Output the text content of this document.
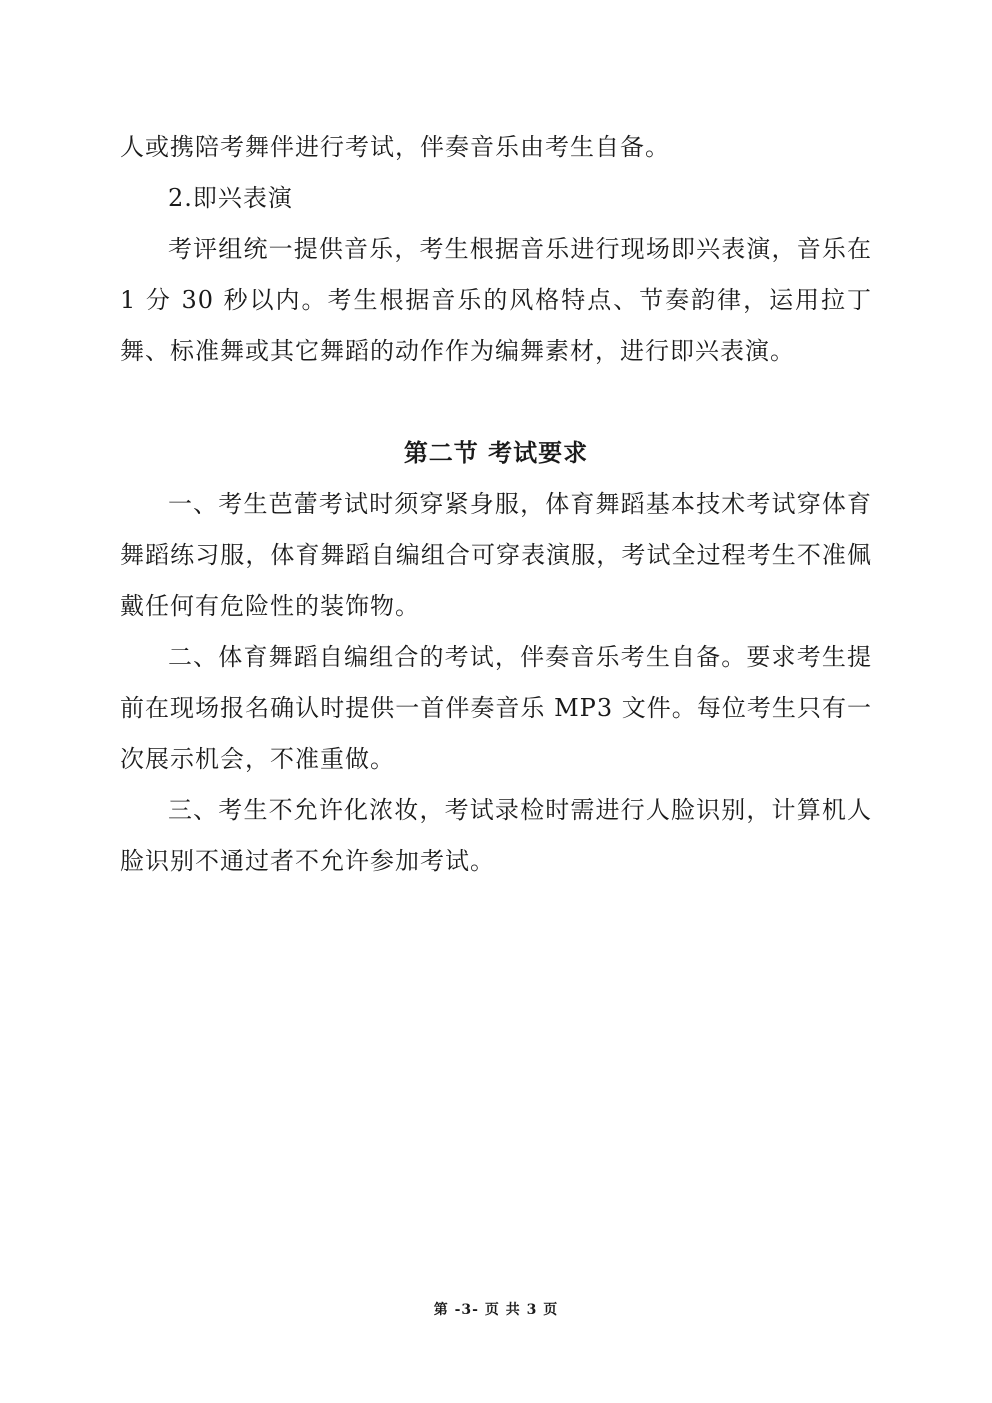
人或携陪考舞伴进行考试，伴奏音乐由考生自备。

2.即兴表演

考评组统一提供音乐，考生根据音乐进行现场即兴表演，音乐在 1 分 30 秒以内。考生根据音乐的风格特点、节奏韵律，运用拉丁舞、标准舞或其它舞蹈的动作作为编舞素材，进行即兴表演。

第二节 考试要求

一、考生芭蕾考试时须穿紧身服，体育舞蹈基本技术考试穿体育舞蹈练习服，体育舞蹈自编组合可穿表演服，考试全过程考生不准佩戴任何有危险性的装饰物。

二、体育舞蹈自编组合的考试，伴奏音乐考生自备。要求考生提前在现场报名确认时提供一首伴奏音乐 MP3 文件。每位考生只有一次展示机会，不准重做。

三、考生不允许化浓妆，考试录检时需进行人脸识别，计算机人脸识别不通过者不允许参加考试。

第 -3- 页 共 3 页
